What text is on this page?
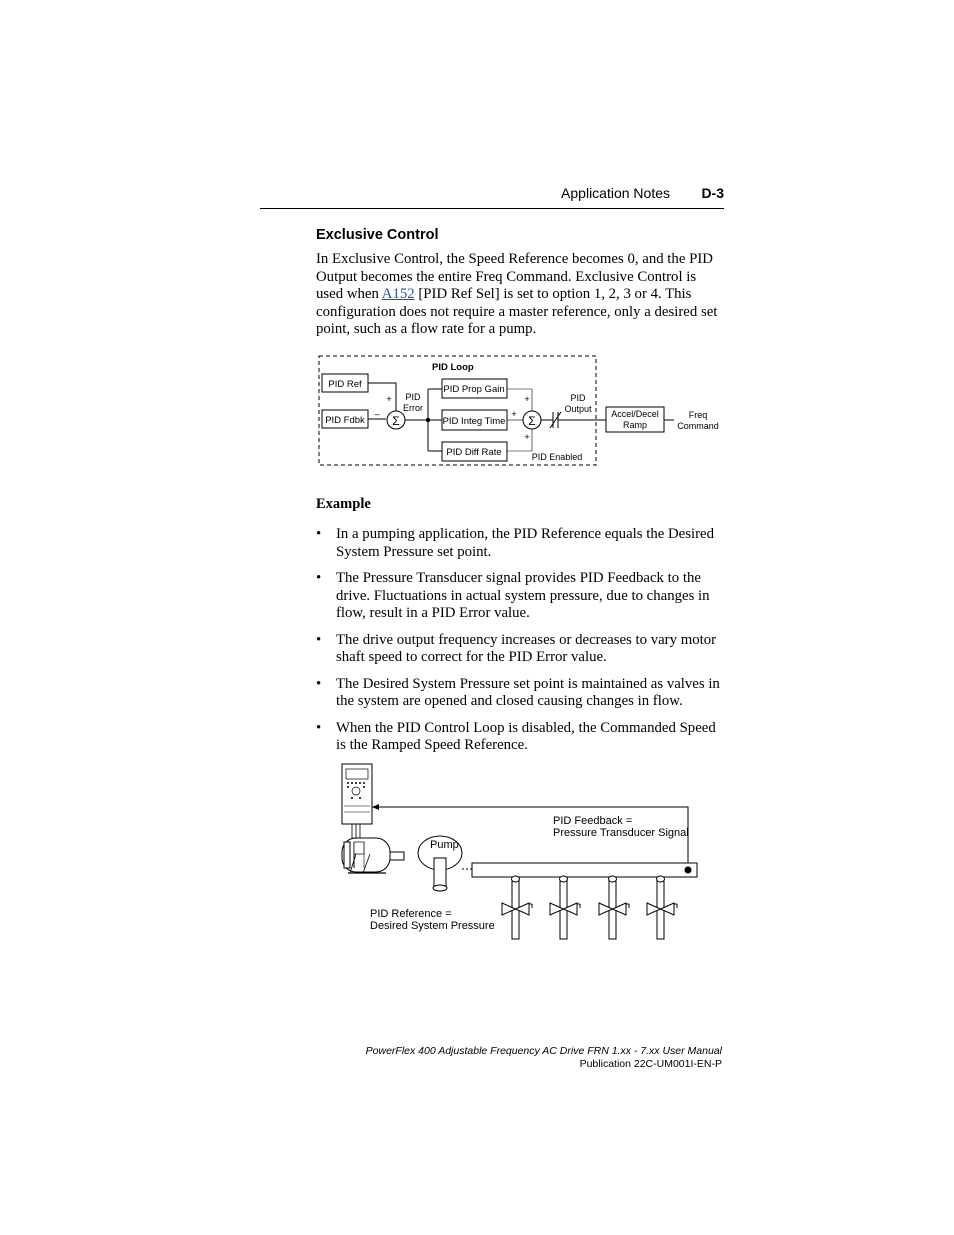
Application Notes	D-3
Exclusive Control
In Exclusive Control, the Speed Reference becomes 0, and the PID Output becomes the entire Freq Command. Exclusive Control is used when A152 [PID Ref Sel] is set to option 1, 2, 3 or 4. This configuration does not require a master reference, only a desired set point, such as a flow rate for a pump.
PID Loop
PID Ref
PID Fdbk
+
– Σ
PID
Error
PID Prop Gain
PID Integ Time
PID Diff Rate
+
+
+
Σ
PID
Output
PID Enabled
Accel/Decel
Ramp
Freq
Command
Example
• In a pumping application, the PID Reference equals the Desired System Pressure set point.
• The Pressure Transducer signal provides PID Feedback to the drive. Fluctuations in actual system pressure, due to changes in flow, result in a PID Error value.
• The drive output frequency increases or decreases to vary motor shaft speed to correct for the PID Error value.
• The Desired System Pressure set point is maintained as valves in the system are opened and closed causing changes in flow.
• When the PID Control Loop is disabled, the Commanded Speed is the Ramped Speed Reference.
Pump
PID Feedback =
Pressure Transducer Signal
PID Reference =
Desired System Pressure
PowerFlex 400 Adjustable Frequency AC Drive FRN 1.xx - 7.xx User Manual
Publication 22C-UM001I-EN-P
